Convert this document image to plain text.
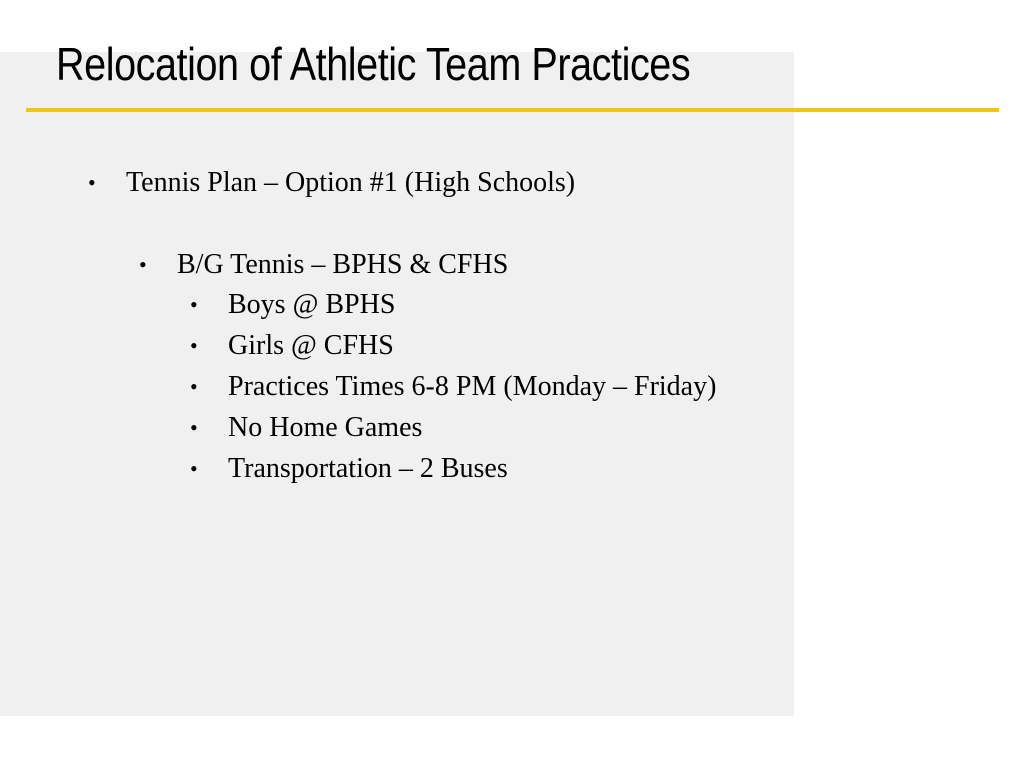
Relocation of Athletic Team Practices
• Tennis Plan – Option #1 (High Schools)
• B/G Tennis – BPHS & CFHS
• Boys @ BPHS
• Girls @ CFHS
• Practices Times 6-8 PM (Monday – Friday)
• No Home Games
• Transportation – 2 Buses
